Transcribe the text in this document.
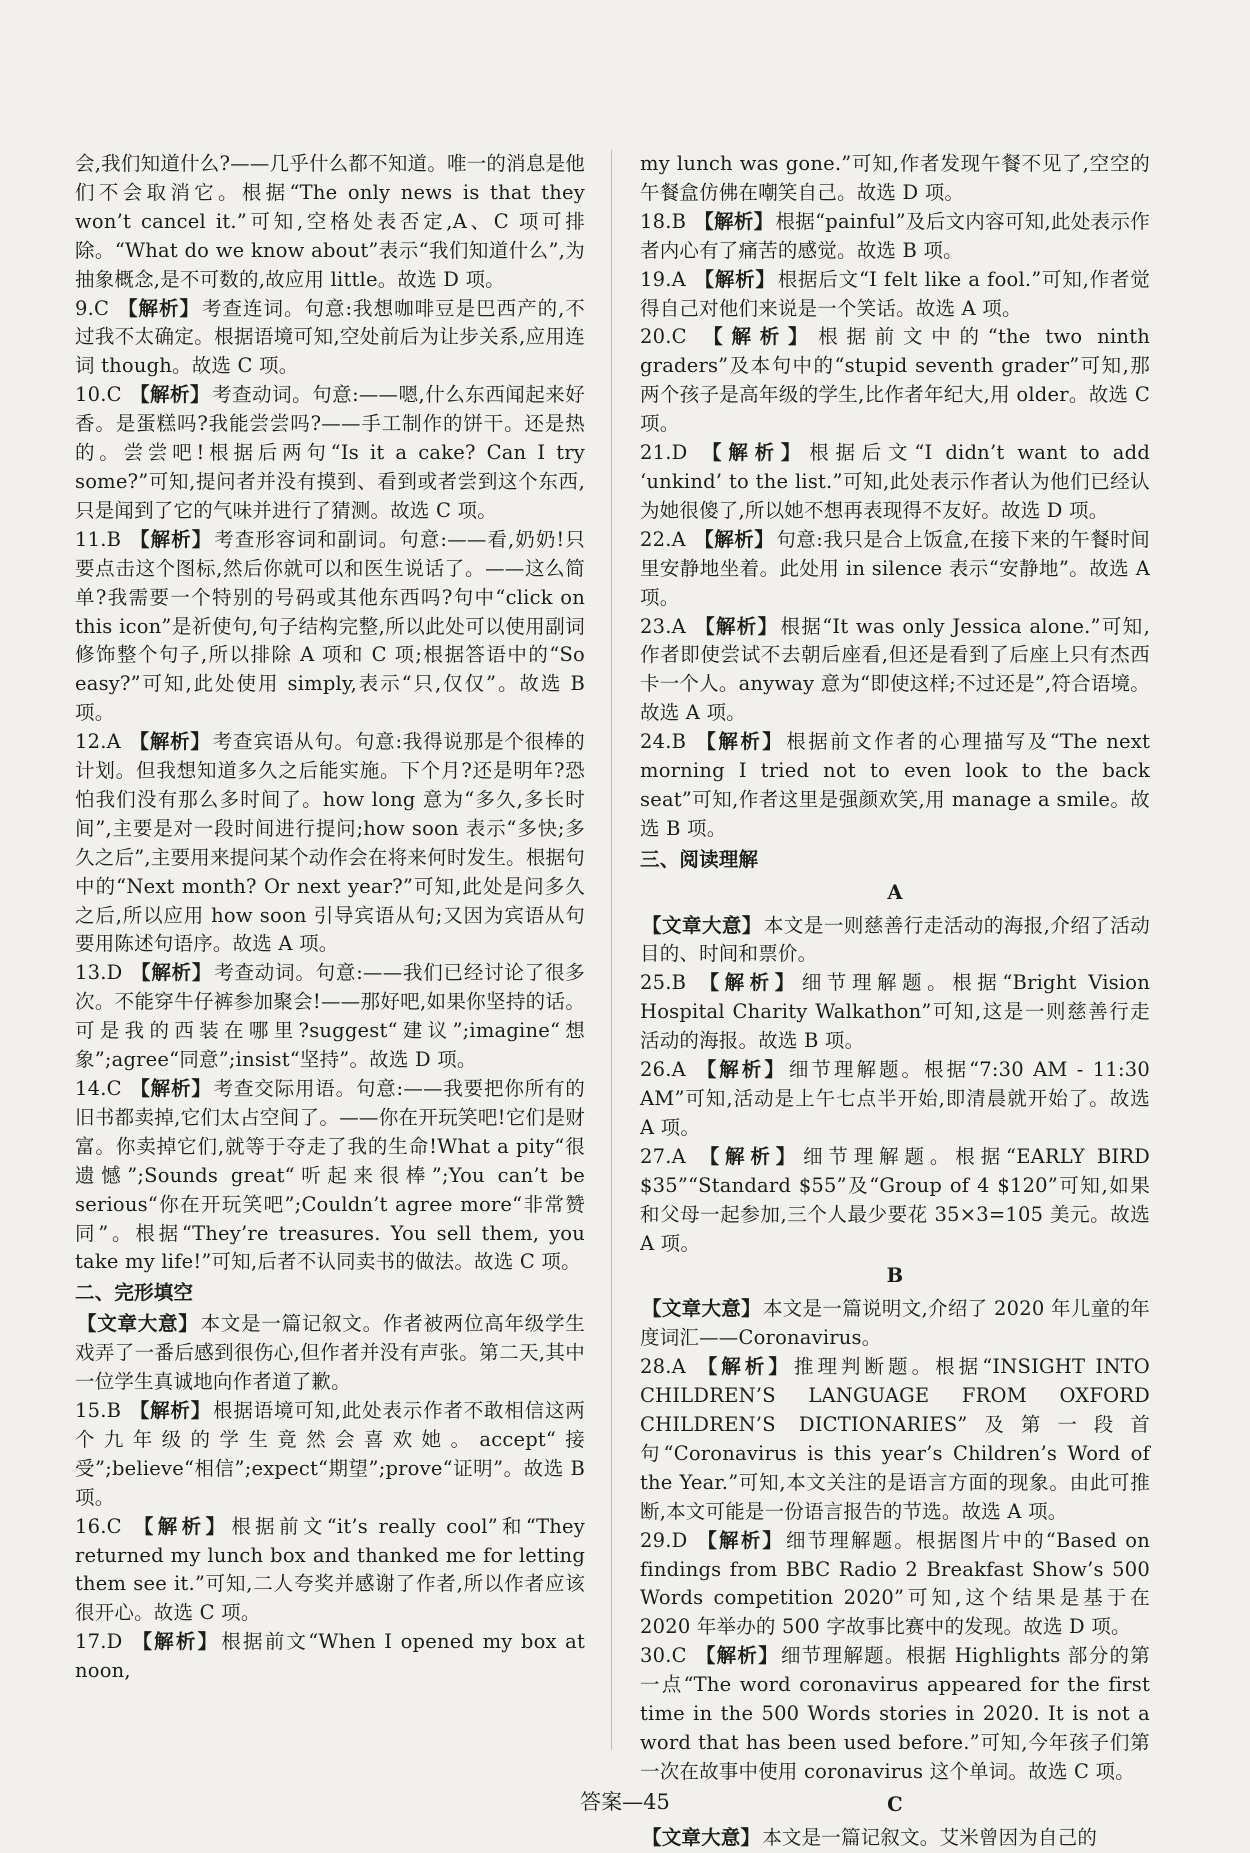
会,我们知道什么?——几乎什么都不知道。唯一的消息是他们不会取消它。根据“The only news is that they won’t cancel it.”可知,空格处表否定,A、C 项可排除。“What do we know about”表示“我们知道什么”,为抽象概念,是不可数的,故应用 little。故选 D 项。

9.C 【解析】 考查连词。句意:我想咖啡豆是巴西产的,不过我不太确定。根据语境可知,空处前后为让步关系,应用连词 though。故选 C 项。

10.C 【解析】 考查动词。句意:——嗯,什么东西闻起来好香。是蛋糕吗?我能尝尝吗?——手工制作的饼干。还是热的。尝尝吧!根据后两句“Is it a cake? Can I try some?”可知,提问者并没有摸到、看到或者尝到这个东西,只是闻到了它的气味并进行了猜测。故选 C 项。

11.B 【解析】 考查形容词和副词。句意:——看,奶奶!只要点击这个图标,然后你就可以和医生说话了。——这么简单?我需要一个特别的号码或其他东西吗?句中“click on this icon”是祈使句,句子结构完整,所以此处可以使用副词修饰整个句子,所以排除 A 项和 C 项;根据答语中的“So easy?”可知,此处使用 simply,表示“只,仅仅”。故选 B 项。

12.A 【解析】 考查宾语从句。句意:我得说那是个很棒的计划。但我想知道多久之后能实施。下个月?还是明年?恐怕我们没有那么多时间了。how long 意为“多久,多长时间”,主要是对一段时间进行提问;how soon 表示“多快;多久之后”,主要用来提问某个动作会在将来何时发生。根据句中的“Next month? Or next year?”可知,此处是问多久之后,所以应用 how soon 引导宾语从句;又因为宾语从句要用陈述句语序。故选 A 项。

13.D 【解析】 考查动词。句意:——我们已经讨论了很多次。不能穿牛仔裤参加聚会!——那好吧,如果你坚持的话。可是我的西装在哪里?suggest“建议”;imagine“想象”;agree“同意”;insist“坚持”。故选 D 项。

14.C 【解析】 考查交际用语。句意:——我要把你所有的旧书都卖掉,它们太占空间了。——你在开玩笑吧!它们是财富。你卖掉它们,就等于夺走了我的生命!What a pity“很遗憾”;Sounds great“听起来很棒”;You can’t be serious“你在开玩笑吧”;Couldn’t agree more“非常赞同”。根据“They’re treasures. You sell them, you take my life!”可知,后者不认同卖书的做法。故选 C 项。

二、完形填空

【文章大意】 本文是一篇记叙文。作者被两位高年级学生戏弄了一番后感到很伤心,但作者并没有声张。第二天,其中一位学生真诚地向作者道了歉。

15.B 【解析】 根据语境可知,此处表示作者不敢相信这两个九年级的学生竟然会喜欢她。accept“接受”;believe“相信”;expect“期望”;prove“证明”。故选 B 项。

16.C 【解析】 根据前文“it’s really cool”和“They returned my lunch box and thanked me for letting them see it.”可知,二人夸奖并感谢了作者,所以作者应该很开心。故选 C 项。

17.D 【解析】 根据前文“When I opened my box at noon,

my lunch was gone.”可知,作者发现午餐不见了,空空的午餐盒仿佛在嘲笑自己。故选 D 项。

18.B 【解析】 根据“painful”及后文内容可知,此处表示作者内心有了痛苦的感觉。故选 B 项。

19.A 【解析】 根据后文“I felt like a fool.”可知,作者觉得自己对他们来说是一个笑话。故选 A 项。

20.C 【解析】 根据前文中的“the two ninth graders”及本句中的“stupid seventh grader”可知,那两个孩子是高年级的学生,比作者年纪大,用 older。故选 C 项。

21.D 【解析】 根据后文“I didn’t want to add ‘unkind’ to the list.”可知,此处表示作者认为他们已经认为她很傻了,所以她不想再表现得不友好。故选 D 项。

22.A 【解析】 句意:我只是合上饭盒,在接下来的午餐时间里安静地坐着。此处用 in silence 表示“安静地”。故选 A 项。

23.A 【解析】 根据“It was only Jessica alone.”可知,作者即使尝试不去朝后座看,但还是看到了后座上只有杰西卡一个人。anyway 意为“即使这样;不过还是”,符合语境。故选 A 项。

24.B 【解析】 根据前文作者的心理描写及“The next morning I tried not to even look to the back seat”可知,作者这里是强颜欢笑,用 manage a smile。故选 B 项。

三、阅读理解

A

【文章大意】 本文是一则慈善行走活动的海报,介绍了活动目的、时间和票价。

25.B 【解析】 细节理解题。根据“Bright Vision Hospital Charity Walkathon”可知,这是一则慈善行走活动的海报。故选 B 项。

26.A 【解析】 细节理解题。根据“7:30 AM - 11:30 AM”可知,活动是上午七点半开始,即清晨就开始了。故选 A 项。

27.A 【解析】 细节理解题。根据“EARLY BIRD $35”“Standard $55”及“Group of 4 $120”可知,如果和父母一起参加,三个人最少要花 35×3=105 美元。故选 A 项。

B

【文章大意】 本文是一篇说明文,介绍了 2020 年儿童的年度词汇——Coronavirus。

28.A 【解析】 推理判断题。根据“INSIGHT INTO CHILDREN’S LANGUAGE FROM OXFORD CHILDREN’S DICTIONARIES”及第一段首句“Coronavirus is this year’s Children’s Word of the Year.”可知,本文关注的是语言方面的现象。由此可推断,本文可能是一份语言报告的节选。故选 A 项。

29.D 【解析】 细节理解题。根据图片中的“Based on findings from BBC Radio 2 Breakfast Show’s 500 Words competition 2020”可知,这个结果是基于在 2020 年举办的 500 字故事比赛中的发现。故选 D 项。

30.C 【解析】 细节理解题。根据 Highlights 部分的第一点“The word coronavirus appeared for the first time in the 500 Words stories in 2020. It is not a word that has been used before.”可知,今年孩子们第一次在故事中使用 coronavirus 这个单词。故选 C 项。

C

【文章大意】 本文是一篇记叙文。艾米曾因为自己的

答案—45
